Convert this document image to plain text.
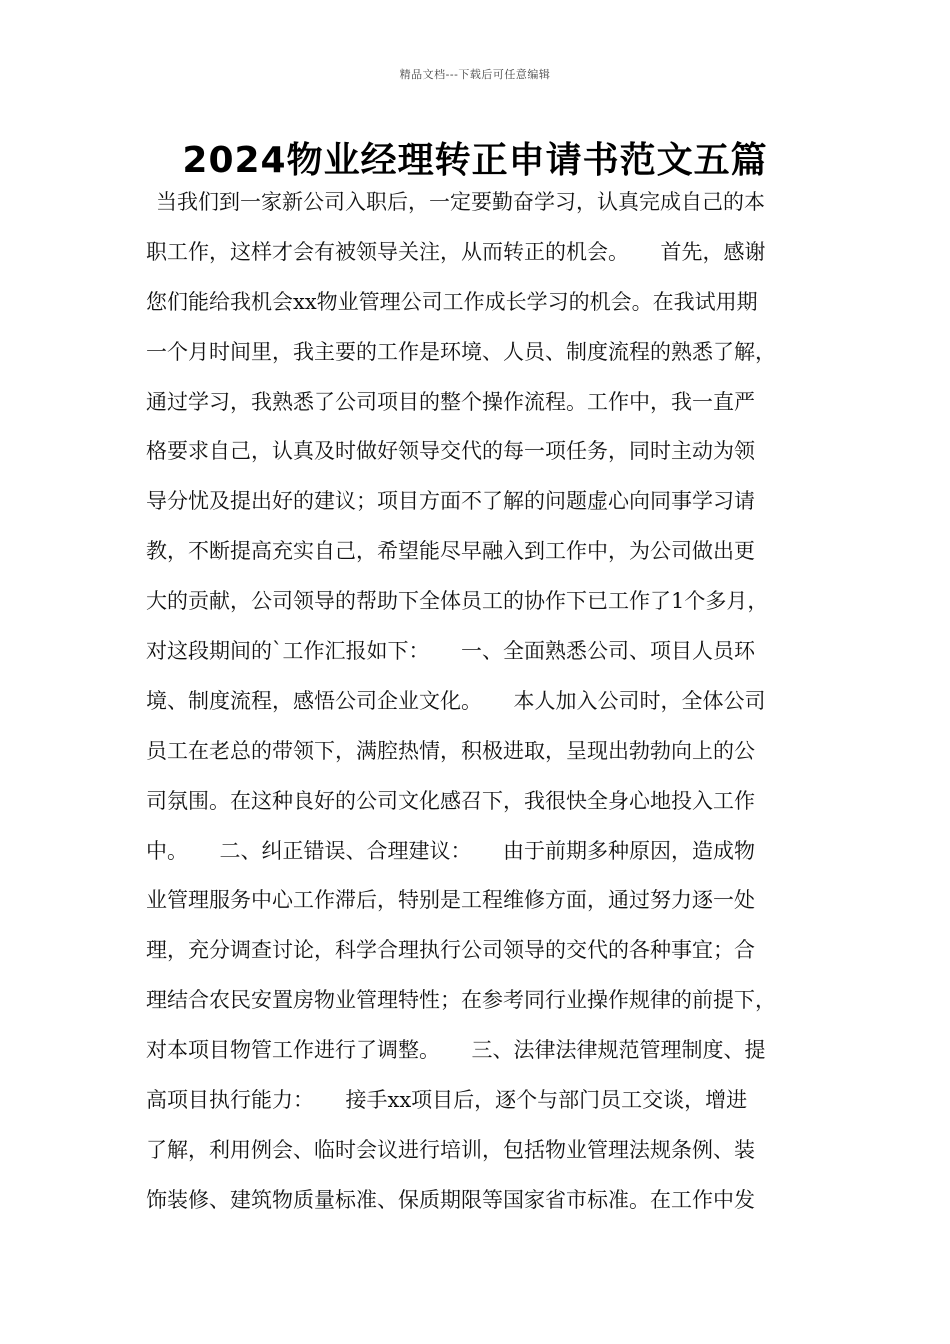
精品文档---下载后可任意编辑
2024物业经理转正申请书范文五篇
当我们到一家新公司入职后，一定要勤奋学习，认真完成自己的本
职工作，这样才会有被领导关注，从而转正的机会。　　首先，感谢
您们能给我机会xx物业管理公司工作成长学习的机会。在我试用期
一个月时间里，我主要的工作是环境、人员、制度流程的熟悉了解，
通过学习，我熟悉了公司项目的整个操作流程。工作中，我一直严
格要求自己，认真及时做好领导交代的每一项任务，同时主动为领
导分忧及提出好的建议；项目方面不了解的问题虚心向同事学习请
教，不断提高充实自己，希望能尽早融入到工作中，为公司做出更
大的贡献，公司领导的帮助下全体员工的协作下已工作了1个多月，
对这段期间的`工作汇报如下：　　一、全面熟悉公司、项目人员环
境、制度流程，感悟公司企业文化。　　本人加入公司时，全体公司
员工在老总的带领下，满腔热情，积极进取，呈现出勃勃向上的公
司氛围。在这种良好的公司文化感召下，我很快全身心地投入工作
中。　　二、纠正错误、合理建议：　　由于前期多种原因，造成物
业管理服务中心工作滞后，特别是工程维修方面，通过努力逐一处
理，充分调查讨论，科学合理执行公司领导的交代的各种事宜；合
理结合农民安置房物业管理特性；在参考同行业操作规律的前提下，
对本项目物管工作进行了调整。　　三、法律法律规范管理制度、提
高项目执行能力：　　接手xx项目后，逐个与部门员工交谈，增进
了解，利用例会、临时会议进行培训，包括物业管理法规条例、装
饰装修、建筑物质量标准、保质期限等国家省市标准。在工作中发
